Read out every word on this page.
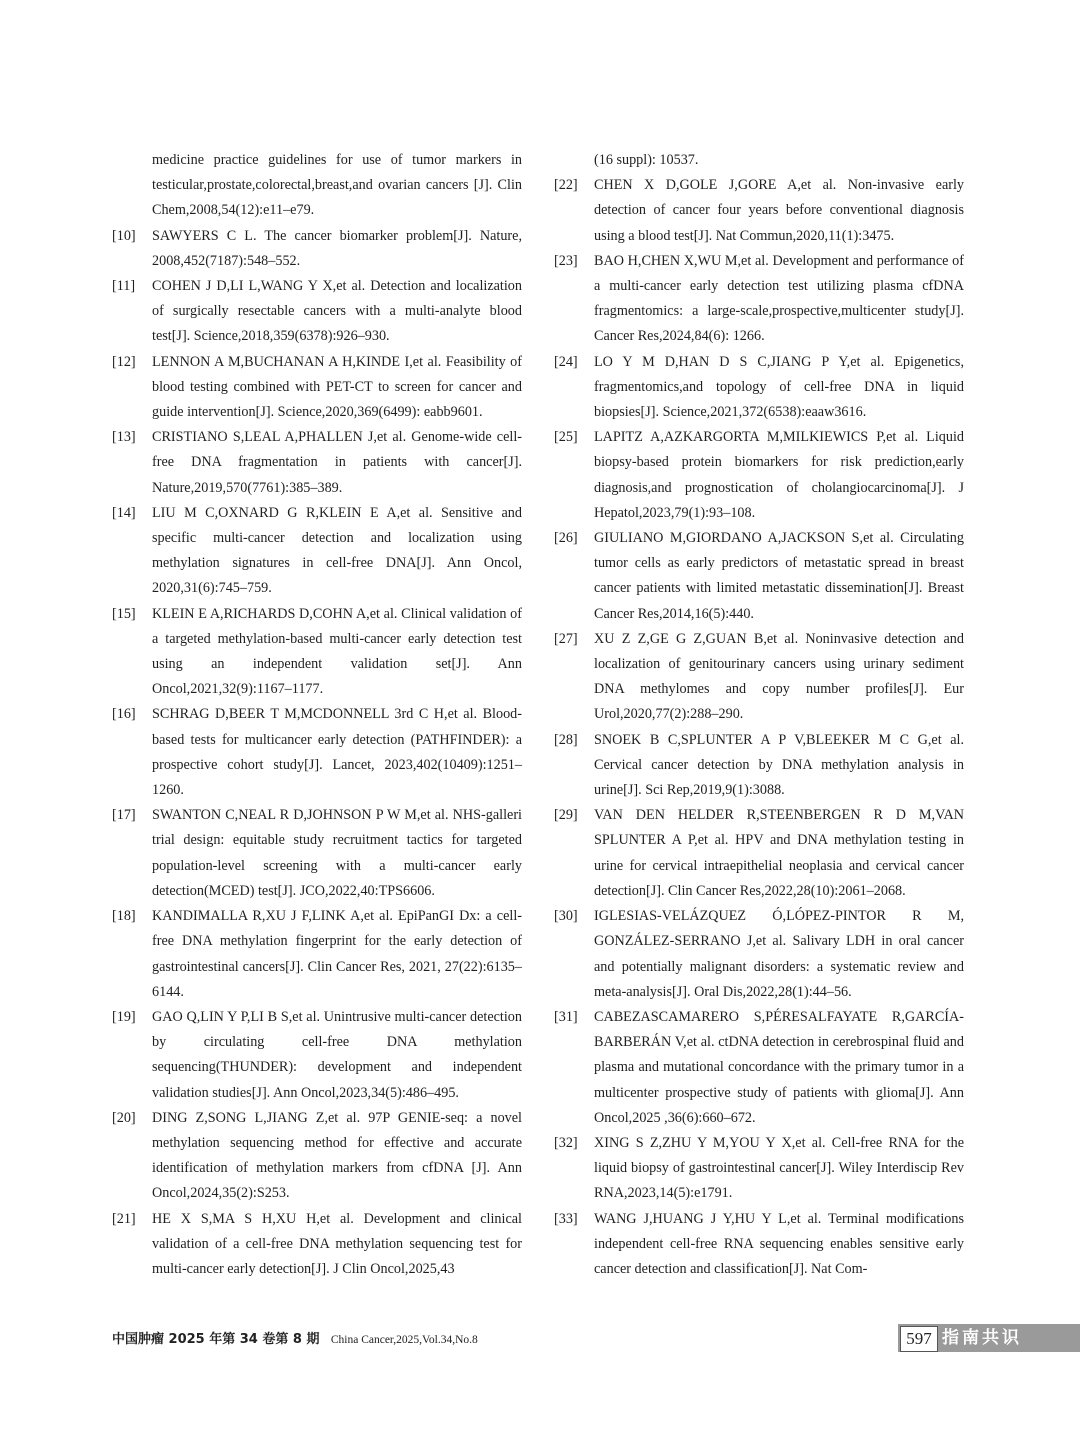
medicine practice guidelines for use of tumor markers in testicular,prostate,colorectal,breast,and ovarian cancers [J]. Clin Chem,2008,54(12):e11–e79.
[10]	SAWYERS C L. The cancer biomarker problem[J]. Nature, 2008,452(7187):548–552.
[11]	COHEN J D,LI L,WANG Y X,et al. Detection and localization of surgically resectable cancers with a multi-analyte blood test[J]. Science,2018,359(6378):926–930.
[12]	LENNON A M,BUCHANAN A H,KINDE I,et al. Feasibility of blood testing combined with PET-CT to screen for cancer and guide intervention[J]. Science,2020,369(6499): eabb9601.
[13]	CRISTIANO S,LEAL A,PHALLEN J,et al. Genome-wide cell-free DNA fragmentation in patients with cancer[J]. Nature,2019,570(7761):385–389.
[14]	LIU M C,OXNARD G R,KLEIN E A,et al. Sensitive and specific multi-cancer detection and localization using methylation signatures in cell-free DNA[J]. Ann Oncol, 2020,31(6):745–759.
[15]	KLEIN E A,RICHARDS D,COHN A,et al. Clinical validation of a targeted methylation-based multi-cancer early detection test using an independent validation set[J]. Ann Oncol,2021,32(9):1167–1177.
[16]	SCHRAG D,BEER T M,MCDONNELL 3rd C H,et al. Blood-based tests for multicancer early detection (PATHFINDER): a prospective cohort study[J]. Lancet, 2023,402(10409):1251–1260.
[17]	SWANTON C,NEAL R D,JOHNSON P W M,et al. NHS-galleri trial design: equitable study recruitment tactics for targeted population-level screening with a multi-cancer early detection(MCED) test[J]. JCO,2022,40:TPS6606.
[18]	KANDIMALLA R,XU J F,LINK A,et al. EpiPanGI Dx: a cell-free DNA methylation fingerprint for the early detection of gastrointestinal cancers[J]. Clin Cancer Res, 2021, 27(22):6135–6144.
[19]	GAO Q,LIN Y P,LI B S,et al. Unintrusive multi-cancer detection by circulating cell-free DNA methylation sequencing(THUNDER): development and independent validation studies[J]. Ann Oncol,2023,34(5):486–495.
[20]	DING Z,SONG L,JIANG Z,et al. 97P GENIE-seq: a novel methylation sequencing method for effective and accurate identification of methylation markers from cfDNA [J]. Ann Oncol,2024,35(2):S253.
[21]	HE X S,MA S H,XU H,et al. Development and clinical validation of a cell-free DNA methylation sequencing test for multi-cancer early detection[J]. J Clin Oncol,2025,43
(16 suppl): 10537.
[22]	CHEN X D,GOLE J,GORE A,et al. Non-invasive early detection of cancer four years before conventional diagnosis using a blood test[J]. Nat Commun,2020,11(1):3475.
[23]	BAO H,CHEN X,WU M,et al. Development and performance of a multi-cancer early detection test utilizing plasma cfDNA fragmentomics: a large-scale,prospective,multicenter study[J]. Cancer Res,2024,84(6): 1266.
[24]	LO Y M D,HAN D S C,JIANG P Y,et al. Epigenetics, fragmentomics,and topology of cell-free DNA in liquid biopsies[J]. Science,2021,372(6538):eaaw3616.
[25]	LAPITZ A,AZKARGORTA M,MILKIEWICS P,et al. Liquid biopsy-based protein biomarkers for risk prediction,early diagnosis,and prognostication of cholangiocarcinoma[J]. J Hepatol,2023,79(1):93–108.
[26]	GIULIANO M,GIORDANO A,JACKSON S,et al. Circulating tumor cells as early predictors of metastatic spread in breast cancer patients with limited metastatic dissemination[J]. Breast Cancer Res,2014,16(5):440.
[27]	XU Z Z,GE G Z,GUAN B,et al. Noninvasive detection and localization of genitourinary cancers using urinary sediment DNA methylomes and copy number profiles[J]. Eur Urol,2020,77(2):288–290.
[28]	SNOEK B C,SPLUNTER A P V,BLEEKER M C G,et al. Cervical cancer detection by DNA methylation analysis in urine[J]. Sci Rep,2019,9(1):3088.
[29]	VAN DEN HELDER R,STEENBERGEN R D M,VAN SPLUNTER A P,et al. HPV and DNA methylation testing in urine for cervical intraepithelial neoplasia and cervical cancer detection[J]. Clin Cancer Res,2022,28(10):2061–2068.
[30]	IGLESIAS-VELÁZQUEZ Ó,LÓPEZ-PINTOR R M, GONZÁLEZ-SERRANO J,et al. Salivary LDH in oral cancer and potentially malignant disorders: a systematic review and meta-analysis[J]. Oral Dis,2022,28(1):44–56.
[31]	CABEZASCAMARERO S,PÉRESALFAYATE R,GARCÍA-BARBERÁN V,et al. ctDNA detection in cerebrospinal fluid and plasma and mutational concordance with the primary tumor in a multicenter prospective study of patients with glioma[J]. Ann Oncol,2025 ,36(6):660–672.
[32]	XING S Z,ZHU Y M,YOU Y X,et al. Cell-free RNA for the liquid biopsy of gastrointestinal cancer[J]. Wiley Interdiscip Rev RNA,2023,14(5):e1791.
[33]	WANG J,HUANG J Y,HU Y L,et al. Terminal modifications independent cell-free RNA sequencing enables sensitive early cancer detection and classification[J]. Nat Com-
中国肿瘤 2025 年第 34 卷第 8 期 China Cancer,2025,Vol.34,No.8	597 指南共识
